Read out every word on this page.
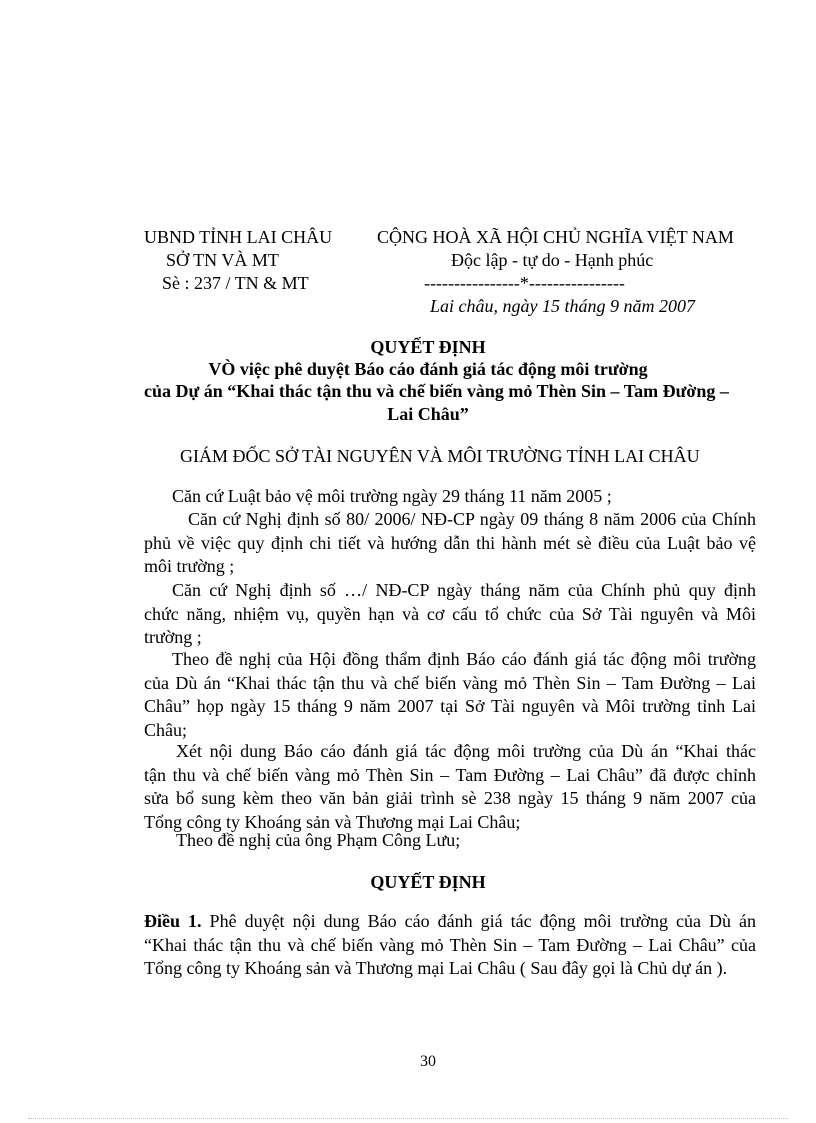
UBND TỈNH LAI CHÂU
SỞ TN VÀ MT
Sè : 237 / TN & MT
CỘNG HOÀ XÃ HỘI CHỦ NGHĨA VIỆT NAM
Độc lập - tự do - Hạnh phúc
----------------*----------------
Lai châu, ngày 15 tháng 9 năm 2007
QUYẾT ĐỊNH
VÒ việc phê duyệt Báo cáo đánh giá tác động môi trường
của Dự án “Khai thác tận thu và chế biến vàng mỏ Thèn Sin – Tam Đường –
Lai Châu”
GIÁM ĐỐC SỞ TÀI NGUYÊN VÀ MÔI TRƯỜNG TỈNH LAI CHÂU
Căn cứ Luật bảo vệ môi trường ngày 29 tháng 11 năm 2005 ;
Căn cứ Nghị định số 80/ 2006/ NĐ-CP ngày 09 tháng 8 năm 2006 của Chính
phủ về việc quy định chi tiết và hướng dẫn thi hành mét sè điều của Luật bảo vệ
môi trường ;
Căn cứ Nghị định số …/ NĐ-CP ngày tháng năm của Chính phủ quy định
chức năng, nhiệm vụ, quyền hạn và cơ cấu tổ chức của Sở Tài nguyên và Môi
trường ;
Theo đề nghị của Hội đồng thẩm định Báo cáo đánh giá tác động môi trường
của Dù án “Khai thác tận thu và chế biến vàng mỏ Thèn Sin – Tam Đường – Lai
Châu” họp ngày 15 tháng 9 năm 2007 tại Sở Tài nguyên và Môi trường tỉnh Lai
Châu;
Xét nội dung Báo cáo đánh giá tác động môi trường của Dù án “Khai thác
tận thu và chế biến vàng mỏ Thèn Sin – Tam Đường – Lai Châu” đã được chỉnh
sửa bổ sung kèm theo văn bản giải trình sè 238 ngày 15 tháng 9 năm 2007 của
Tổng công ty Khoáng sản và Thương mại Lai Châu;
Theo đề nghị của ông Phạm Công Lưu;
QUYẾT ĐỊNH
Điều 1. Phê duyệt nội dung Báo cáo đánh giá tác động môi trường của Dù án
“Khai thác tận thu và chế biến vàng mỏ Thèn Sin – Tam Đường – Lai Châu” của
Tổng công ty Khoáng sản và Thương mại Lai Châu ( Sau đây gọi là Chủ dự án ).
30
